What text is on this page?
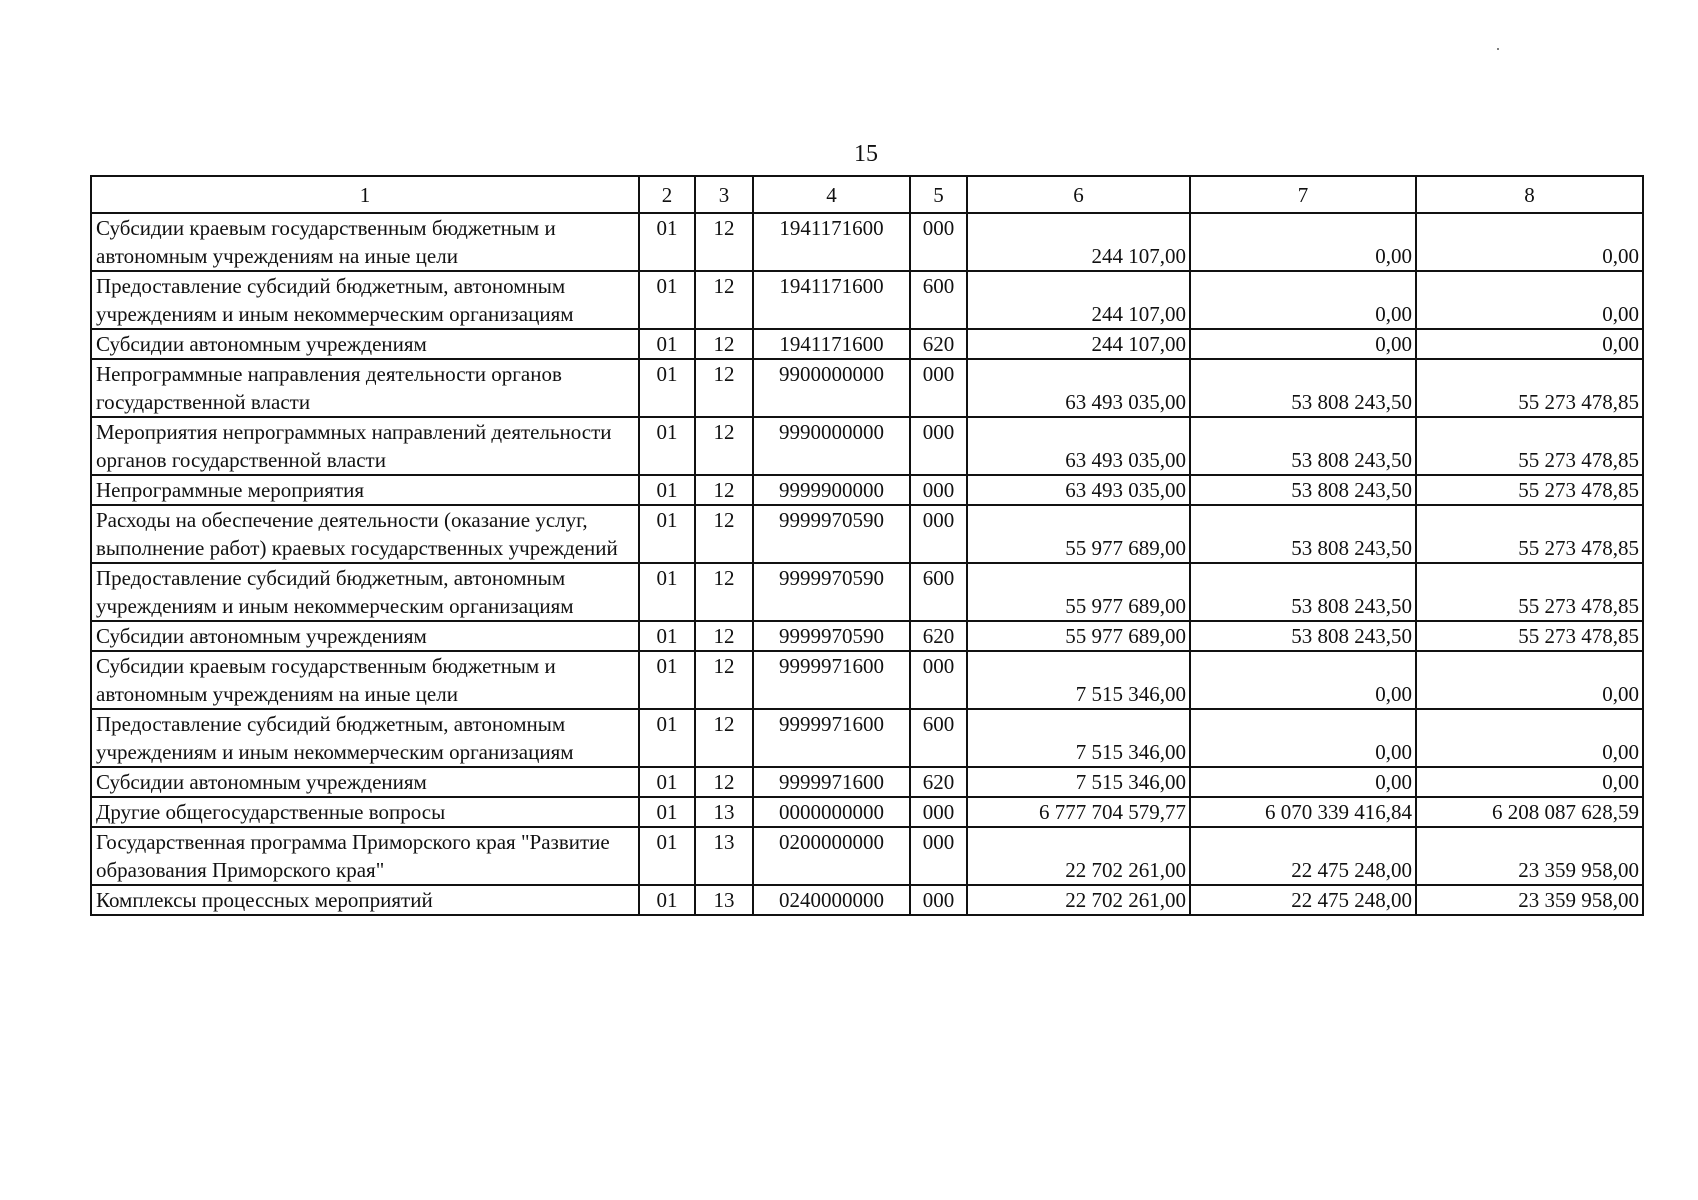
15
1	2	3	4	5	6	7	8
Субсидии краевым государственным бюджетным и автономным учреждениям на иные цели	01	12	1941171600	000	244 107,00	0,00	0,00
Предоставление субсидий бюджетным, автономным учреждениям и иным некоммерческим организациям	01	12	1941171600	600	244 107,00	0,00	0,00
Субсидии автономным учреждениям	01	12	1941171600	620	244 107,00	0,00	0,00
Непрограммные направления деятельности органов государственной власти	01	12	9900000000	000	63 493 035,00	53 808 243,50	55 273 478,85
Мероприятия непрограммных направлений деятельности органов государственной власти	01	12	9990000000	000	63 493 035,00	53 808 243,50	55 273 478,85
Непрограммные мероприятия	01	12	9999900000	000	63 493 035,00	53 808 243,50	55 273 478,85
Расходы на обеспечение деятельности (оказание услуг, выполнение работ) краевых государственных учреждений	01	12	9999970590	000	55 977 689,00	53 808 243,50	55 273 478,85
Предоставление субсидий бюджетным, автономным учреждениям и иным некоммерческим организациям	01	12	9999970590	600	55 977 689,00	53 808 243,50	55 273 478,85
Субсидии автономным учреждениям	01	12	9999970590	620	55 977 689,00	53 808 243,50	55 273 478,85
Субсидии краевым государственным бюджетным и автономным учреждениям на иные цели	01	12	9999971600	000	7 515 346,00	0,00	0,00
Предоставление субсидий бюджетным, автономным учреждениям и иным некоммерческим организациям	01	12	9999971600	600	7 515 346,00	0,00	0,00
Субсидии автономным учреждениям	01	12	9999971600	620	7 515 346,00	0,00	0,00
Другие общегосударственные вопросы	01	13	0000000000	000	6 777 704 579,77	6 070 339 416,84	6 208 087 628,59
Государственная программа Приморского края "Развитие образования Приморского края"	01	13	0200000000	000	22 702 261,00	22 475 248,00	23 359 958,00
Комплексы процессных мероприятий	01	13	0240000000	000	22 702 261,00	22 475 248,00	23 359 958,00
